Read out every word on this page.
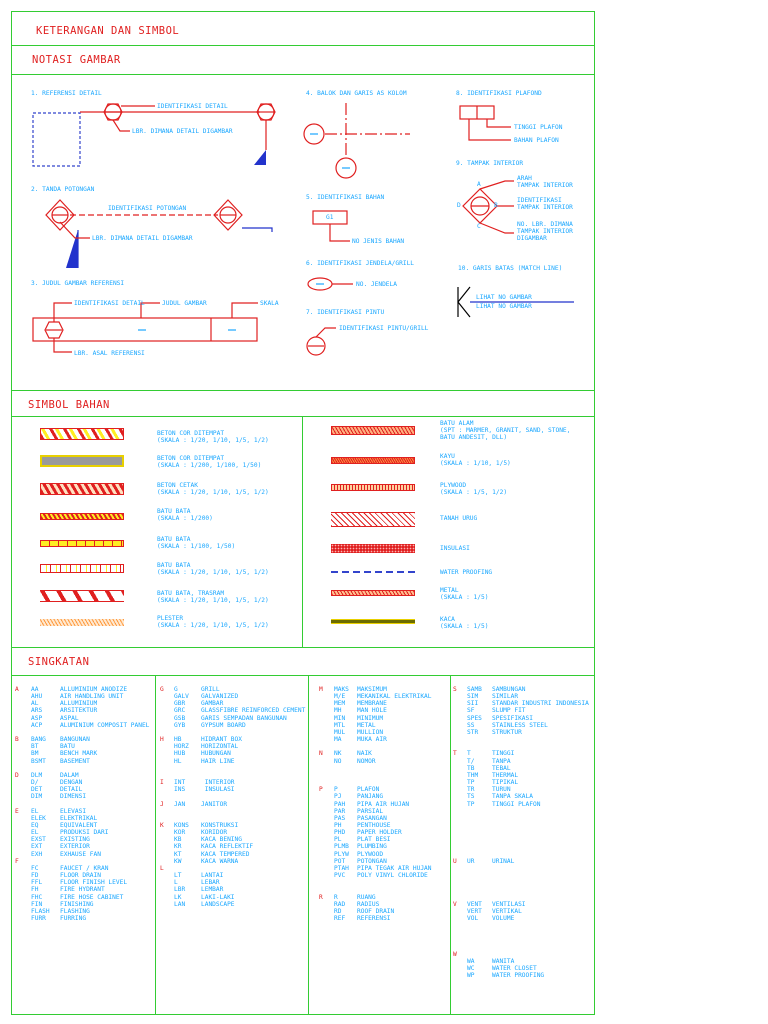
KETERANGAN DAN SIMBOL
NOTASI GAMBAR
SIMBOL BAHAN
SINGKATAN
1. REFERENSI DETAIL
IDENTIFIKASI DETAIL
LBR. DIMANA DETAIL DIGAMBAR
2. TANDA POTONGAN
IDENTIFIKASI POTONGAN
LBR. DIMANA DETAIL DIGAMBAR
3. JUDUL GAMBAR REFERENSI
IDENTIFIKASI DETAIL	JUDUL GAMBAR	SKALA
LBR. ASAL REFERENSI
4. BALOK DAN GARIS AS KOLOM
5. IDENTIFIKASI BAHAN
G1
NO JENIS BAHAN
6. IDENTIFIKASI JENDELA/GRILL
NO. JENDELA
7. IDENTIFIKASI PINTU
IDENTIFIKASI PINTU/GRILL
8. IDENTIFIKASI PLAFOND
TINGGI PLAFON
BAHAN PLAFON
9. TAMPAK INTERIOR
ARAH
TAMPAK INTERIOR
IDENTIFIKASI
TAMPAK INTERIOR
NO. LBR. DIMANA
TAMPAK INTERIOR
DIGAMBAR
A
B
C
D
10. GARIS BATAS (MATCH LINE)
LIHAT NO GAMBAR
LIHAT NO GAMBAR
BETON COR DITEMPAT
(SKALA : 1/20, 1/10, 1/5, 1/2)
BETON COR DITEMPAT
(SKALA : 1/200, 1/100, 1/50)
BETON CETAK
(SKALA : 1/20, 1/10, 1/5, 1/2)
BATU BATA
(SKALA : 1/200)
BATU BATA
(SKALA : 1/100, 1/50)
BATU BATA
(SKALA : 1/20, 1/10, 1/5, 1/2)
BATU BATA, TRASRAM
(SKALA : 1/20, 1/10, 1/5, 1/2)
PLESTER
(SKALA : 1/20, 1/10, 1/5, 1/2)
BATU ALAM
(SPT : MARMER, GRANIT, SAND, STONE,
BATU ANDESIT, DLL)
KAYU
(SKALA : 1/10, 1/5)
PLYWOOD
(SKALA : 1/5, 1/2)
TANAH URUG
INSULASI
WATER PROOFING
METAL
(SKALA : 1/5)
KACA
(SKALA : 1/5)
A

B

D

E

F
AA
AHU
AL
ARS
ASP
ACP

BANG
BT
BM
BSMT

DLM
D/
DET
DIM

EL
ELEK
EQ
EL
EXST
EXT
EXH

FC
FD
FFL
FH
FHC
FIN
FLASH
FURR
ALLUMINIUM ANODIZE
AIR HANDLING UNIT
ALLUMINIUM
ARSITEKTUR
ASPAL
ALUMINIUM COMPOSIT PANEL

BANGUNAN
BATU
BENCH MARK
BASEMENT

DALAM
DENGAN
DETAIL
DIMENSI

ELEVASI
ELEKTRIKAL
EQUIVALENT
PRODUKSI DARI
EXISTING
EXTERIOR
EXHAUSE FAN

FAUCET / KRAN
FLOOR DRAIN
FLOOR FINISH LEVEL
FIRE HYDRANT
FIRE HOSE CABINET
FINISHING
FLASHING
FURRING
G

H

I

J

K

L
G
GALV
GBR
GRC
GSB
GYB

HB
HORZ
HUB
HL

INT
INS

JAN

KONS
KOR
KB
KR
KT
KW

LT
L
LBR
LK
LAN
GRILL
GALVANIZED
GAMBAR
GLASSFIBRE REINFORCED CEMENT
GARIS SEMPADAN BANGUNAN
GYPSUM BOARD

HIDRANT BOX
HORIZONTAL
HUBUNGAN
HAIR LINE

INTERIOR
INSULASI

JANITOR

KONSTRUKSI
KORIDOR
KACA BENING
KACA REFLEKTIF
KACA TEMPERED
KACA WARNA

LANTAI
LEBAR
LEMBAR
LAKI-LAKI
LANDSCAPE
M

N

P

R
MAKS
M/E
MEM
MH
MIN
MTL
MUL
MA

NK
NO

P
PJ
PAH
PAR
PAS
PH
PHD
PL
PLMB
PLYW
POT
PTAH
PVC

R
RAD
RD
REF
MAKSIMUM
MEKANIKAL ELEKTRIKAL
MEMBRANE
MAN HOLE
MINIMUM
METAL
MULLION
MUKA AIR

NAIK
NOMOR

PLAFON
PANJANG
PIPA AIR HUJAN
PARSIAL
PASANGAN
PENTHOUSE
PAPER HOLDER
PLAT BESI
PLUMBING
PLYWOOD
POTONGAN
PIPA TEGAK AIR HUJAN
POLY VINYL CHLORIDE

RUANG
RADIUS
ROOF DRAIN
REFERENSI
S

T

U

V

W
SAMB
SIM
SII
SF
SPES
SS
STR

T
T/
TB
THM
TP
TR
TS
TP

UR

VENT
VERT
VOL

WA
WC
WP
SAMBUNGAN
SIMILAR
STANDAR INDUSTRI INDONESIA
SLUMP FIT
SPESIFIKASI
STAINLESS STEEL
STRUKTUR

TINGGI
TANPA
TEBAL
THERMAL
TIPIKAL
TURUN
TANPA SKALA
TINGGI PLAFON

URINAL

VENTILASI
VERTIKAL
VOLUME

WANITA
WATER CLOSET
WATER PROOFING
